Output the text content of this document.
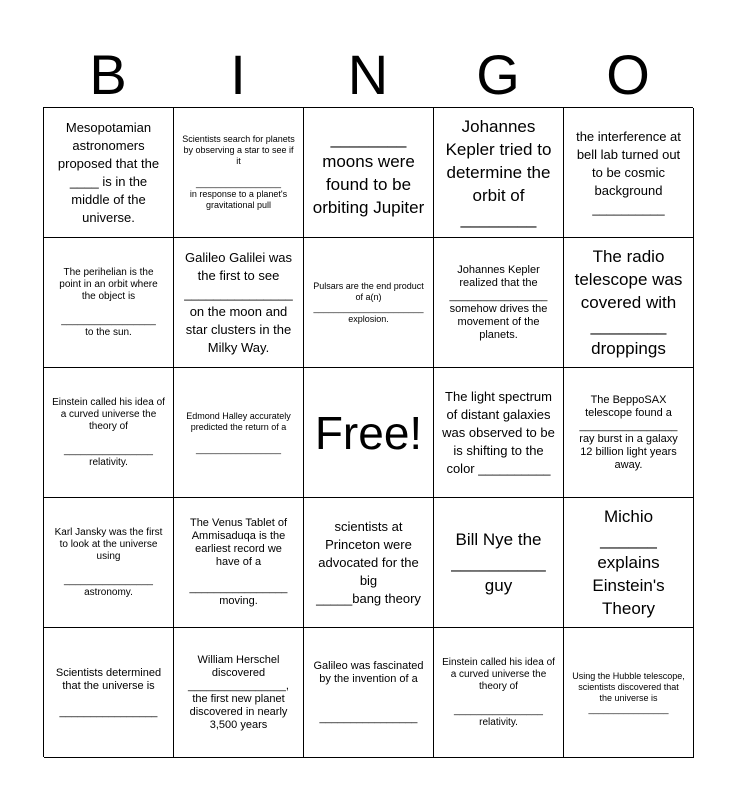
B	I	N	G	O
Mesopotamian astronomers proposed that the ____ is in the middle of the universe.
Scientists search for planets by observing a star to see if it

_________________
in response to a planet's gravitational pull
________
moons were found to be orbiting Jupiter
Johannes Kepler tried to determine the orbit of
________
the interference at bell lab turned out to be cosmic background
__________
The perihelian is the point in an orbit where the object is

_________________
to the sun.
Galileo Galilei was the first to see
_______________
on the moon and star clusters in the Milky Way.
Pulsars are the end product of a(n)
______________________
explosion.
Johannes Kepler realized that the
________________
somehow drives the movement of the planets.
The radio telescope was covered with
________
droppings
Einstein called his idea of a curved universe the theory of

________________
relativity.
Edmond Halley accurately predicted the return of a

_________________ Free!
The light spectrum of distant galaxies was observed to be is shifting to the color __________
The BeppoSAX telescope found a
________________
ray burst in a galaxy 12 billion light years away.
Karl Jansky was the first to look at the universe using

________________
astronomy.
The Venus Tablet of Ammisaduqa is the earliest record we have of a

________________
moving.
scientists at Princeton were advocated for the big
_____bang theory
Bill Nye the
__________
guy
Michio
______
explains Einstein's Theory
Scientists determined that the universe is

________________
William Herschel discovered
________________,
the first new planet discovered in nearly 3,500 years
Galileo was fascinated by the invention of a

________________
Einstein called his idea of a curved universe the theory of

________________
relativity.
Using the Hubble telescope, scientists discovered that the universe is
________________
